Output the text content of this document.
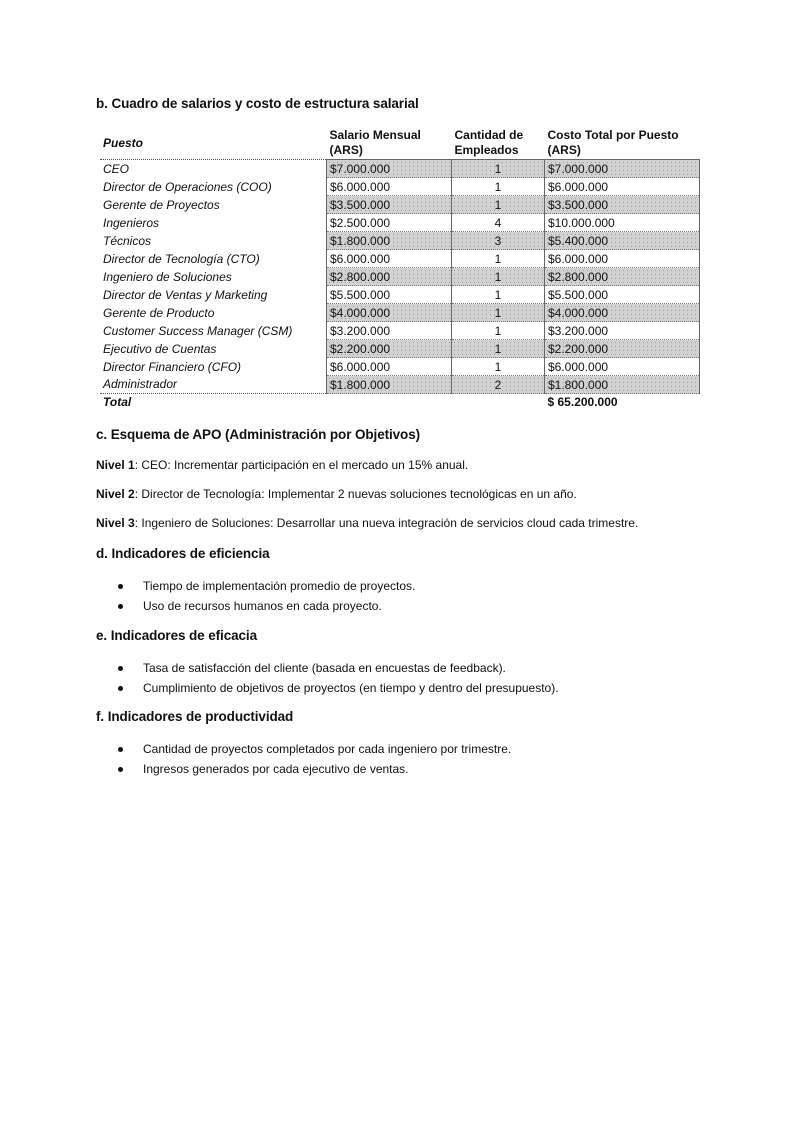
b. Cuadro de salarios y costo de estructura salarial
Puesto	Salario Mensual (ARS)	Cantidad de Empleados	Costo Total por Puesto (ARS)
CEO	$7.000.000	1	$7.000.000
Director de Operaciones (COO)	$6.000.000	1	$6.000.000
Gerente de Proyectos	$3.500.000	1	$3.500.000
Ingenieros	$2.500.000	4	$10.000.000
Técnicos	$1.800.000	3	$5.400.000
Director de Tecnología (CTO)	$6.000.000	1	$6.000.000
Ingeniero de Soluciones	$2.800.000	1	$2.800.000
Director de Ventas y Marketing	$5.500.000	1	$5.500.000
Gerente de Producto	$4.000.000	1	$4.000.000
Customer Success Manager (CSM)	$3.200.000	1	$3.200.000
Ejecutivo de Cuentas	$2.200.000	1	$2.200.000
Director Financiero (CFO)	$6.000.000	1	$6.000.000
Administrador	$1.800.000	2	$1.800.000
Total			$ 65.200.000
c. Esquema de APO (Administración por Objetivos)
Nivel 1: CEO: Incrementar participación en el mercado un 15% anual.
Nivel 2: Director de Tecnología: Implementar 2 nuevas soluciones tecnológicas en un año.
Nivel 3: Ingeniero de Soluciones: Desarrollar una nueva integración de servicios cloud cada trimestre.
d. Indicadores de eficiencia
Tiempo de implementación promedio de proyectos.
Uso de recursos humanos en cada proyecto.
e. Indicadores de eficacia
Tasa de satisfacción del cliente (basada en encuestas de feedback).
Cumplimiento de objetivos de proyectos (en tiempo y dentro del presupuesto).
f. Indicadores de productividad
Cantidad de proyectos completados por cada ingeniero por trimestre.
Ingresos generados por cada ejecutivo de ventas.
